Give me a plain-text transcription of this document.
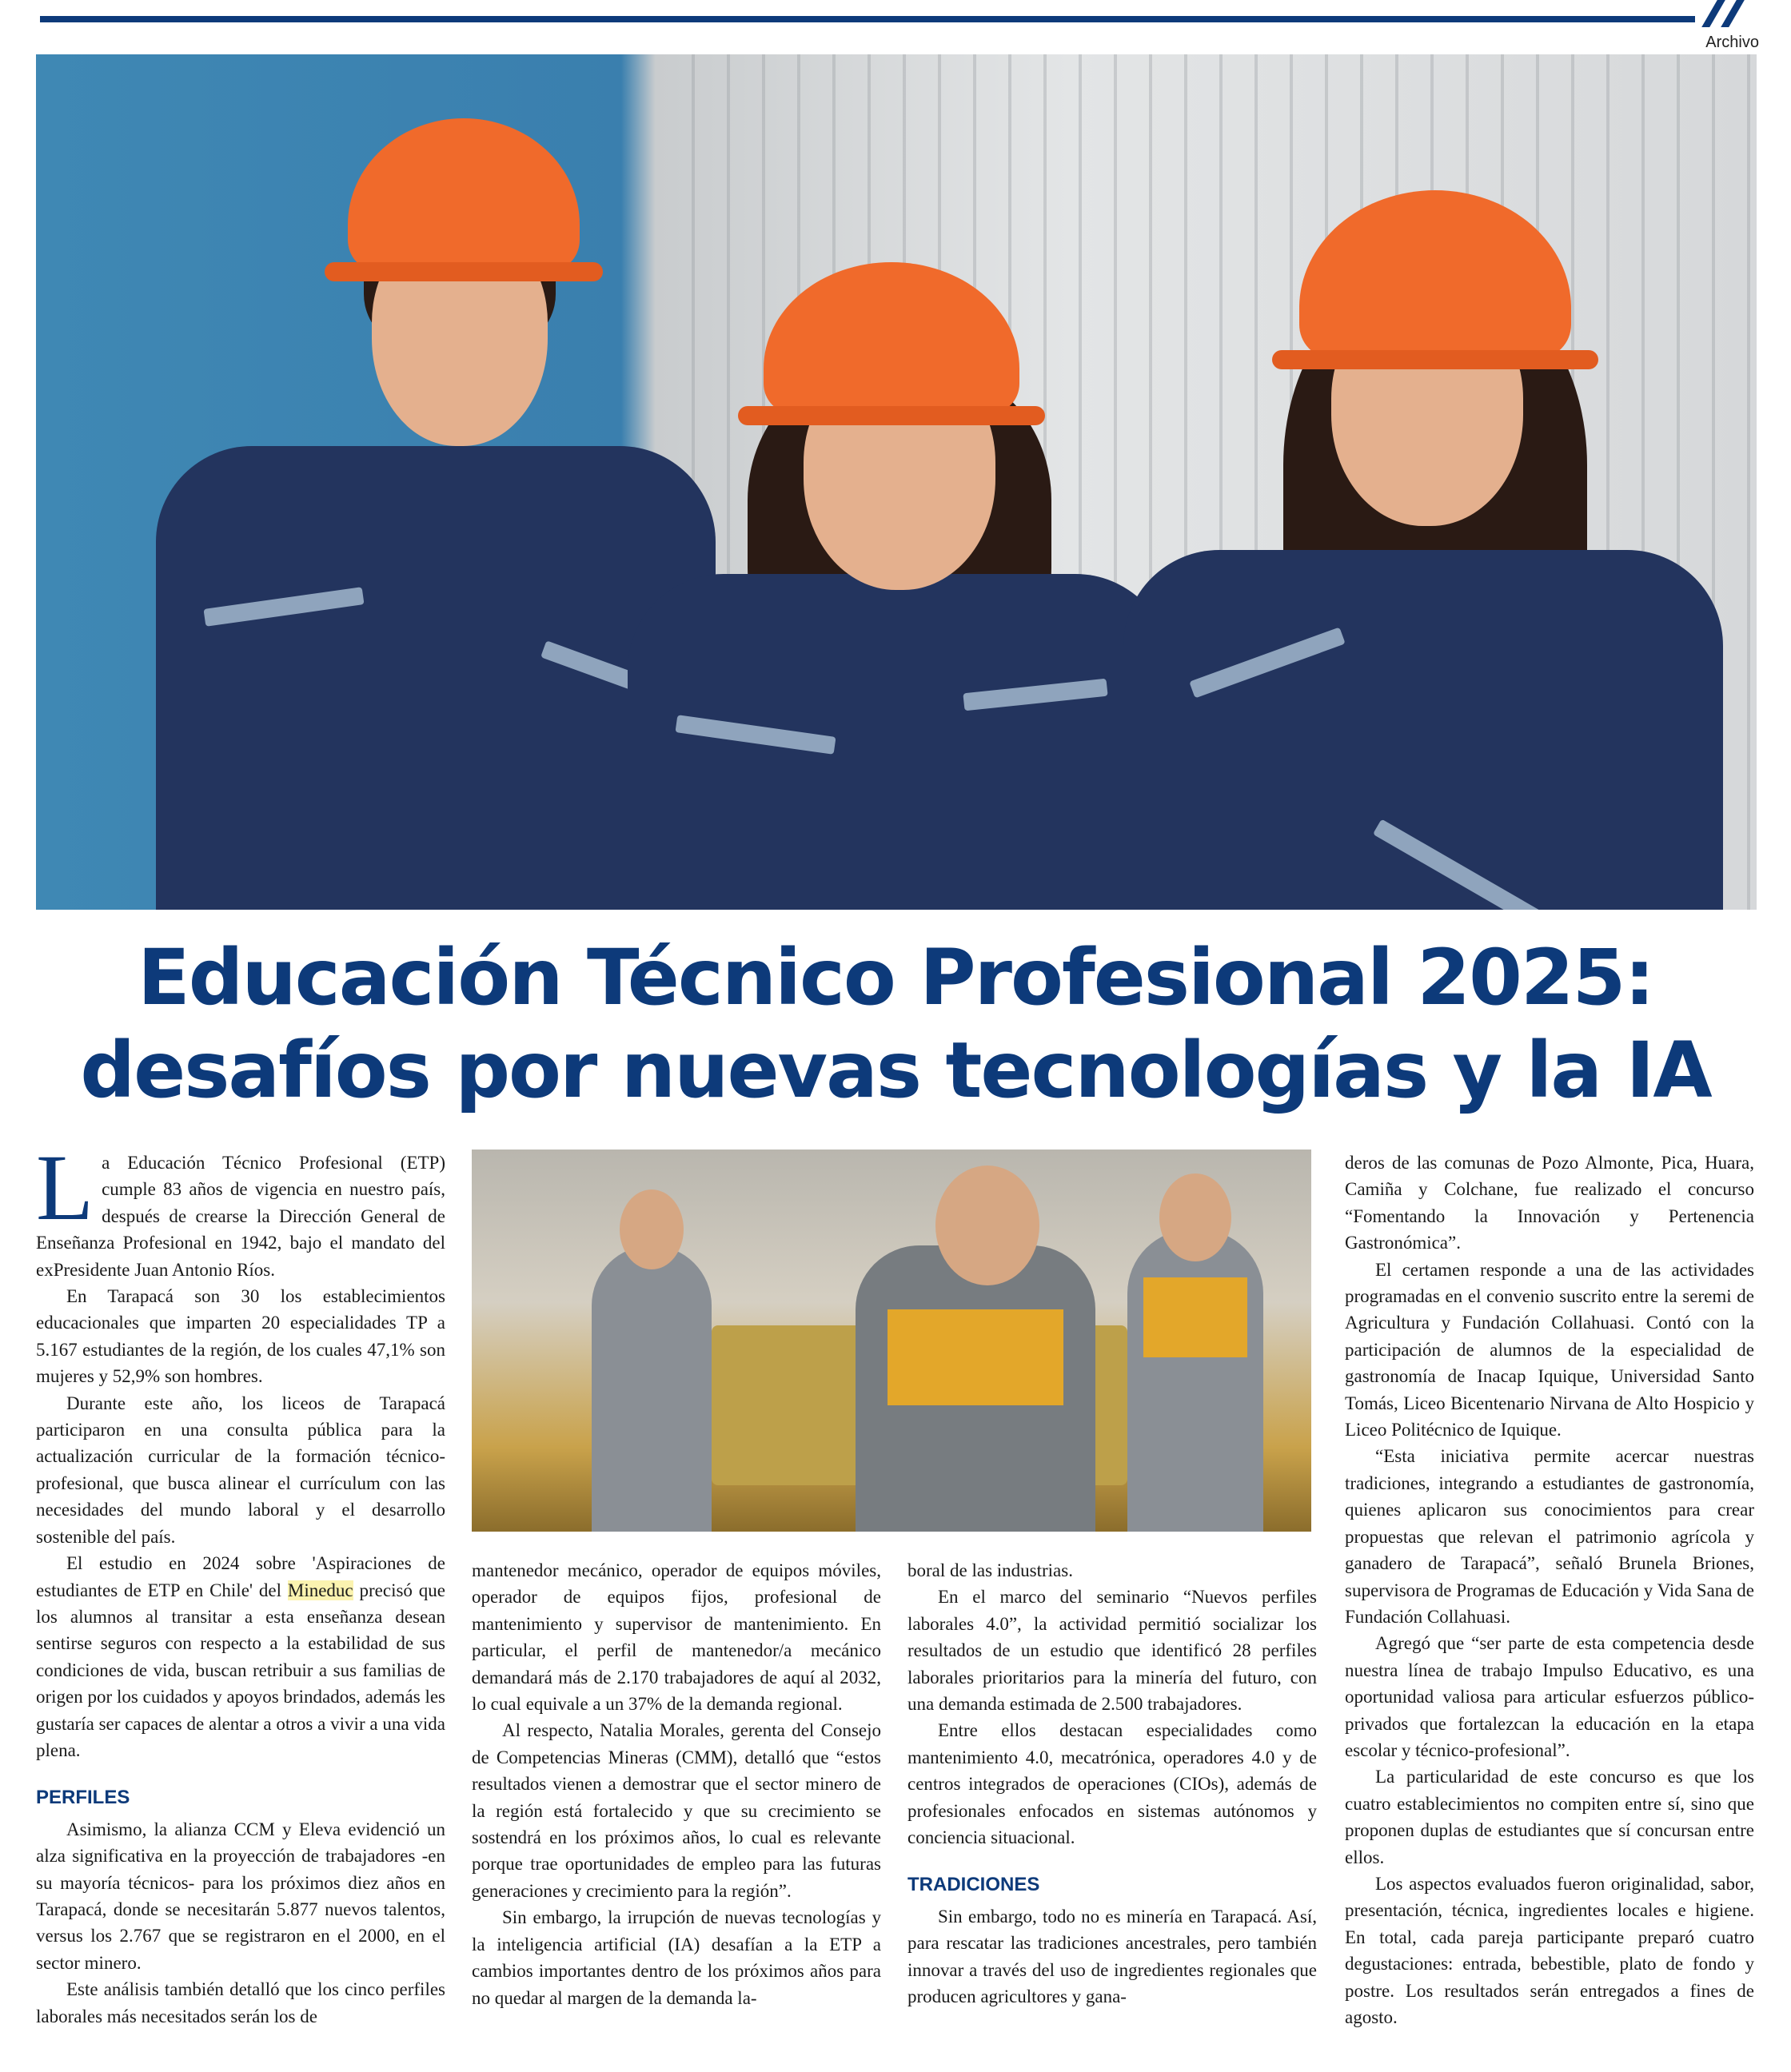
Archivo
Educación Técnico Profesional 2025:
desafíos por nuevas tecnologías y la IA

La Educación Técnico Profesional (ETP) cumple 83 años de vigencia en nuestro país, después de crearse la Dirección General de Enseñanza Profesional en 1942, bajo el mandato del exPresidente Juan Antonio Ríos.

En Tarapacá son 30 los establecimientos educacionales que imparten 20 especialidades TP a 5.167 estudiantes de la región, de los cuales 47,1% son mujeres y 52,9% son hombres.

Durante este año, los liceos de Tarapacá participaron en una consulta pública para la actualización curricular de la formación técnico-profesional, que busca alinear el currículum con las necesidades del mundo laboral y el desarrollo sostenible del país.

El estudio en 2024 sobre 'Aspiraciones de estudiantes de ETP en Chile' del Mineduc precisó que los alumnos al transitar a esta enseñanza desean sentirse seguros con respecto a la estabilidad de sus condiciones de vida, buscan retribuir a sus familias de origen por los cuidados y apoyos brindados, además les gustaría ser capaces de alentar a otros a vivir a una vida plena.

PERFILES

Asimismo, la alianza CCM y Eleva evidenció un alza significativa en la proyección de trabajadores -en su mayoría técnicos- para los próximos diez años en Tarapacá, donde se necesitarán 5.877 nuevos talentos, versus los 2.767 que se registraron en el 2000, en el sector minero.

Este análisis también detalló que los cinco perfiles laborales más necesitados serán los de

mantenedor mecánico, operador de equipos móviles, operador de equipos fijos, profesional de mantenimiento y supervisor de mantenimiento. En particular, el perfil de mantenedor/a mecánico demandará más de 2.170 trabajadores de aquí al 2032, lo cual equivale a un 37% de la demanda regional.

Al respecto, Natalia Morales, gerenta del Consejo de Competencias Mineras (CMM), detalló que “estos resultados vienen a demostrar que el sector minero de la región está fortalecido y que su crecimiento se sostendrá en los próximos años, lo cual es relevante porque trae oportunidades de empleo para las futuras generaciones y crecimiento para la región”.

Sin embargo, la irrupción de nuevas tecnologías y la inteligencia artificial (IA) desafían a la ETP a cambios importantes dentro de los próximos años para no quedar al margen de la demanda la-

boral de las industrias.

En el marco del seminario “Nuevos perfiles laborales 4.0”, la actividad permitió socializar los resultados de un estudio que identificó 28 perfiles laborales prioritarios para la minería del futuro, con una demanda estimada de 2.500 trabajadores.

Entre ellos destacan especialidades como mantenimiento 4.0, mecatrónica, operadores 4.0 y de centros integrados de operaciones (CIOs), además de profesionales enfocados en sistemas autónomos y conciencia situacional.

TRADICIONES

Sin embargo, todo no es minería en Tarapacá. Así, para rescatar las tradiciones ancestrales, pero también innovar a través del uso de ingredientes regionales que producen agricultores y gana-

deros de las comunas de Pozo Almonte, Pica, Huara, Camiña y Colchane, fue realizado el concurso “Fomentando la Innovación y Pertenencia Gastronómica”.

El certamen responde a una de las actividades programadas en el convenio suscrito entre la seremi de Agricultura y Fundación Collahuasi. Contó con la participación de alumnos de la especialidad de gastronomía de Inacap Iquique, Universidad Santo Tomás, Liceo Bicentenario Nirvana de Alto Hospicio y Liceo Politécnico de Iquique.

“Esta iniciativa permite acercar nuestras tradiciones, integrando a estudiantes de gastronomía, quienes aplicaron sus conocimientos para crear propuestas que relevan el patrimonio agrícola y ganadero de Tarapacá”, señaló Brunela Briones, supervisora de Programas de Educación y Vida Sana de Fundación Collahuasi.

Agregó que “ser parte de esta competencia desde nuestra línea de trabajo Impulso Educativo, es una oportunidad valiosa para articular esfuerzos público-privados que fortalezcan la educación en la etapa escolar y técnico-profesional”.

La particularidad de este concurso es que los cuatro establecimientos no compiten entre sí, sino que proponen duplas de estudiantes que sí concursan entre ellos.

Los aspectos evaluados fueron originalidad, sabor, presentación, técnica, ingredientes locales e higiene. En total, cada pareja participante preparó cuatro degustaciones: entrada, bebestible, plato de fondo y postre. Los resultados serán entregados a fines de agosto.
